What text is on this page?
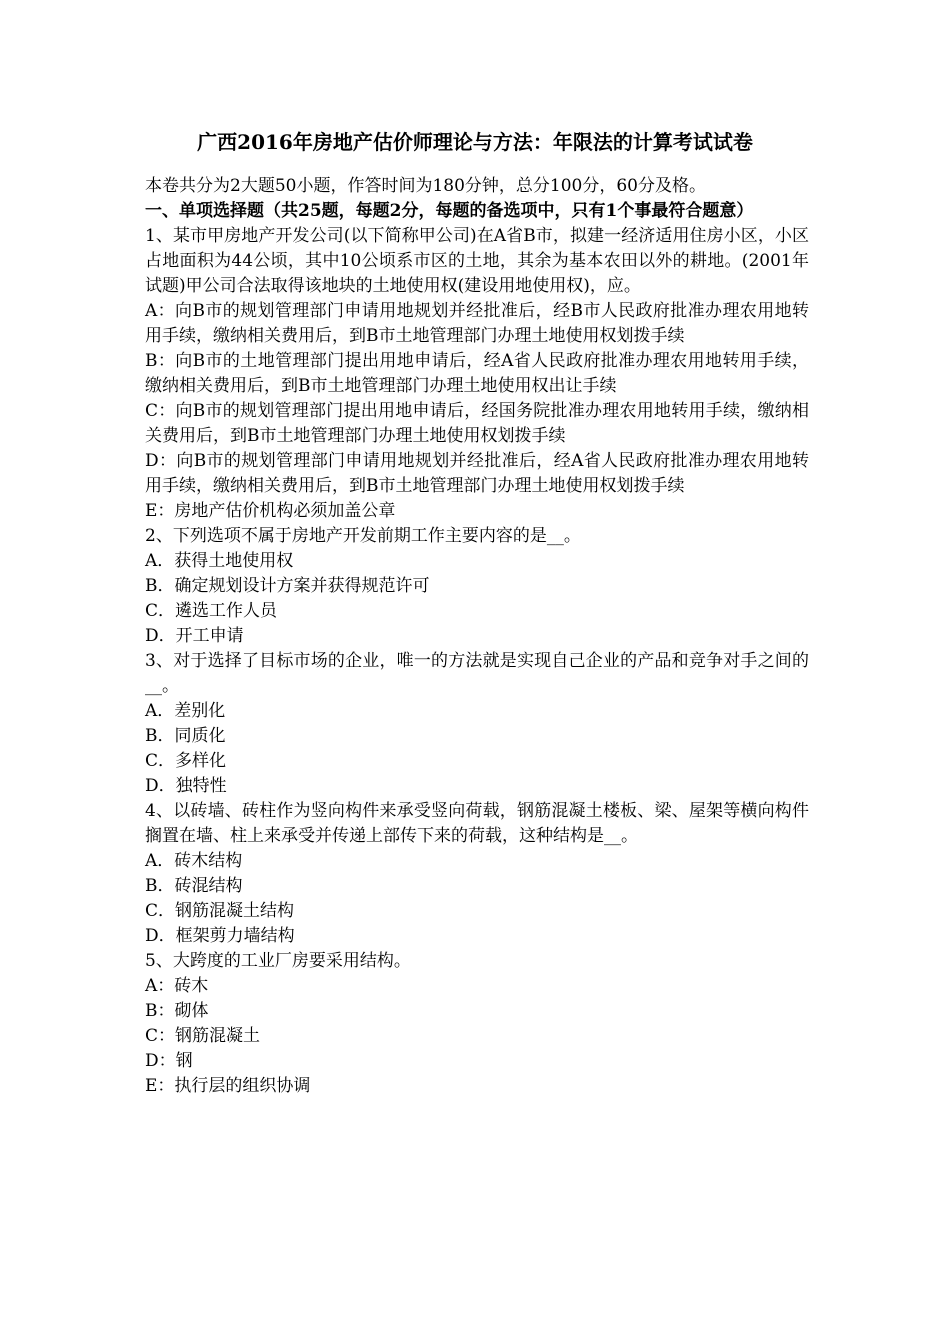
广西2016年房地产估价师理论与方法：年限法的计算考试试卷

本卷共分为2大题50小题，作答时间为180分钟，总分100分，60分及格。

一、单项选择题（共25题，每题2分，每题的备选项中，只有1个事最符合题意）

1、某市甲房地产开发公司(以下简称甲公司)在A省B市，拟建一经济适用住房小区，小区占地面积为44公顷，其中10公顷系市区的土地，其余为基本农田以外的耕地。(2001年试题)甲公司合法取得该地块的土地使用权(建设用地使用权)，应。

A：向B市的规划管理部门申请用地规划并经批准后，经B市人民政府批准办理农用地转用手续，缴纳相关费用后，到B市土地管理部门办理土地使用权划拨手续

B：向B市的土地管理部门提出用地申请后，经A省人民政府批准办理农用地转用手续，缴纳相关费用后，到B市土地管理部门办理土地使用权出让手续

C：向B市的规划管理部门提出用地申请后，经国务院批准办理农用地转用手续，缴纳相关费用后，到B市土地管理部门办理土地使用权划拨手续

D：向B市的规划管理部门申请用地规划并经批准后，经A省人民政府批准办理农用地转用手续，缴纳相关费用后，到B市土地管理部门办理土地使用权划拨手续

E：房地产估价机构必须加盖公章

2、下列选项不属于房地产开发前期工作主要内容的是__。

A．获得土地使用权

B．确定规划设计方案并获得规范许可

C．遴选工作人员

D．开工申请

3、对于选择了目标市场的企业，唯一的方法就是实现自己企业的产品和竞争对手之间的__。

A．差别化

B．同质化

C．多样化

D．独特性

4、以砖墙、砖柱作为竖向构件来承受竖向荷载，钢筋混凝土楼板、梁、屋架等横向构件搁置在墙、柱上来承受并传递上部传下来的荷载，这种结构是__。

A．砖木结构

B．砖混结构

C．钢筋混凝土结构

D．框架剪力墙结构

5、大跨度的工业厂房要采用结构。

A：砖木

B：砌体

C：钢筋混凝土

D：钢

E：执行层的组织协调
